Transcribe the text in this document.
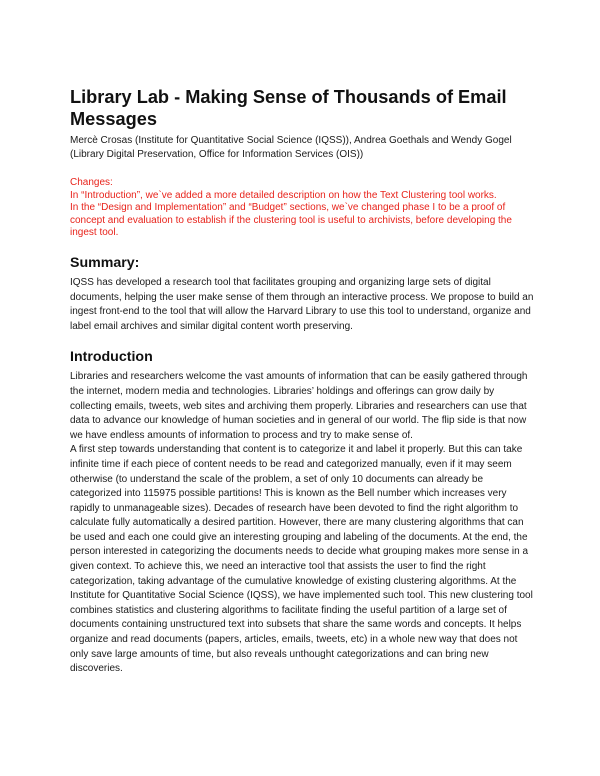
Library Lab - Making Sense of Thousands of Email Messages

Mercè Crosas (Institute for Quantitative Social Science (IQSS)), Andrea Goethals and Wendy Gogel (Library Digital Preservation, Office for Information Services (OIS))

Changes:

In “Introduction”, we`ve added a more detailed description on how the Text Clustering tool works.

In the “Design and Implementation” and “Budget” sections, we`ve changed phase I to be a proof of concept and evaluation to establish if the clustering tool is useful to archivists, before developing the ingest tool.

Summary:

IQSS has developed a research tool that facilitates grouping and organizing large sets of digital documents, helping the user make sense of them through an interactive process. We propose to build an ingest front-end to the tool that will allow the Harvard Library to use this tool to understand, organize and label email archives and similar digital content worth preserving.

Introduction

Libraries and researchers welcome the vast amounts of information that can be easily gathered through the internet, modern media and technologies. Libraries’ holdings and offerings can grow daily by collecting emails, tweets, web sites and archiving them properly. Libraries and researchers can use that data to advance our knowledge of human societies and in general of our world. The flip side is that now we have endless amounts of information to process and try to make sense of.

A first step towards understanding that content is to categorize it and label it properly. But this can take infinite time if each piece of content needs to be read and categorized manually, even if it may seem otherwise (to understand the scale of the problem, a set of only 10 documents can already be categorized into 115975 possible partitions! This is known as the Bell number which increases very rapidly to unmanageable sizes). Decades of research have been devoted to find the right algorithm to calculate fully automatically a desired partition. However, there are many clustering algorithms that can be used and each one could give an interesting grouping and labeling of the documents. At the end, the person interested in categorizing the documents needs to decide what grouping makes more sense in a given context. To achieve this, we need an interactive tool that assists the user to find the right categorization, taking advantage of the cumulative knowledge of existing clustering algorithms. At the Institute for Quantitative Social Science (IQSS), we have implemented such tool. This new clustering tool combines statistics and clustering algorithms to facilitate finding the useful partition of a large set of documents containing unstructured text into subsets that share the same words and concepts. It helps organize and read documents (papers, articles, emails, tweets, etc) in a whole new way that does not only save large amounts of time, but also reveals unthought categorizations and can bring new discoveries.
